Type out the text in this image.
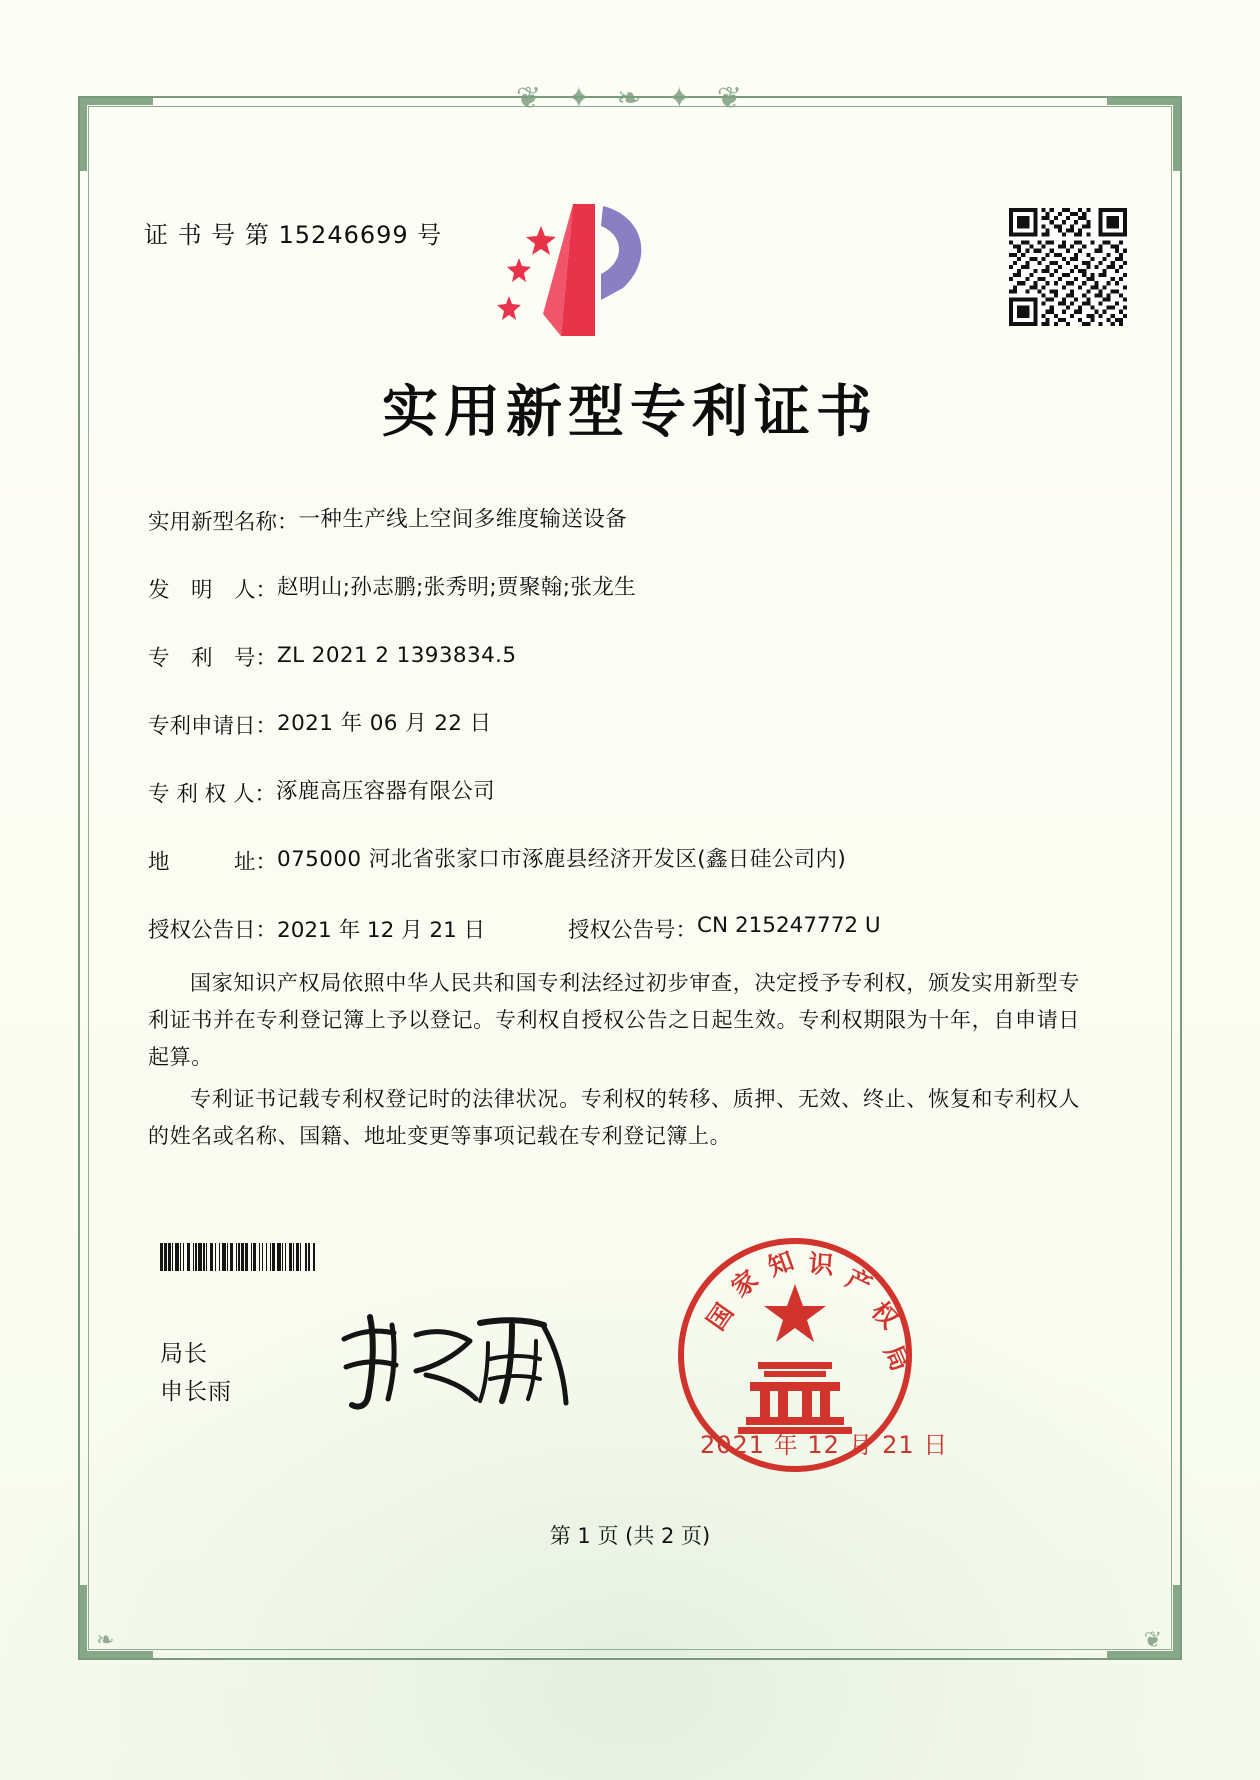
❦  ✦  ❧  ✦  ❦
❧	❦
证 书 号 第 15246699 号
实用新型专利证书
实用新型名称： 一种生产线上空间多维度输送设备
发　明　人： 赵明山;孙志鹏;张秀明;贾聚翰;张龙生
专　利　号： ZL 2021 2 1393834.5
专利申请日： 2021 年 06 月 22 日
专 利 权 人： 涿鹿高压容器有限公司
地　　　址： 075000 河北省张家口市涿鹿县经济开发区(鑫日硅公司内)
授权公告日： 2021 年 12 月 21 日	授权公告号： CN 215247772 U

国家知识产权局依照中华人民共和国专利法经过初步审查，决定授予专利权，颁发实用新型专利证书并在专利登记簿上予以登记。专利权自授权公告之日起生效。专利权期限为十年，自申请日起算。

专利证书记载专利权登记时的法律状况。专利权的转移、质押、无效、终止、恢复和专利权人的姓名或名称、国籍、地址变更等事项记载在专利登记簿上。

局长
申长雨
国
家
知 识 产
权
局
2021 年 12 月 21 日
第 1 页 (共 2 页)
